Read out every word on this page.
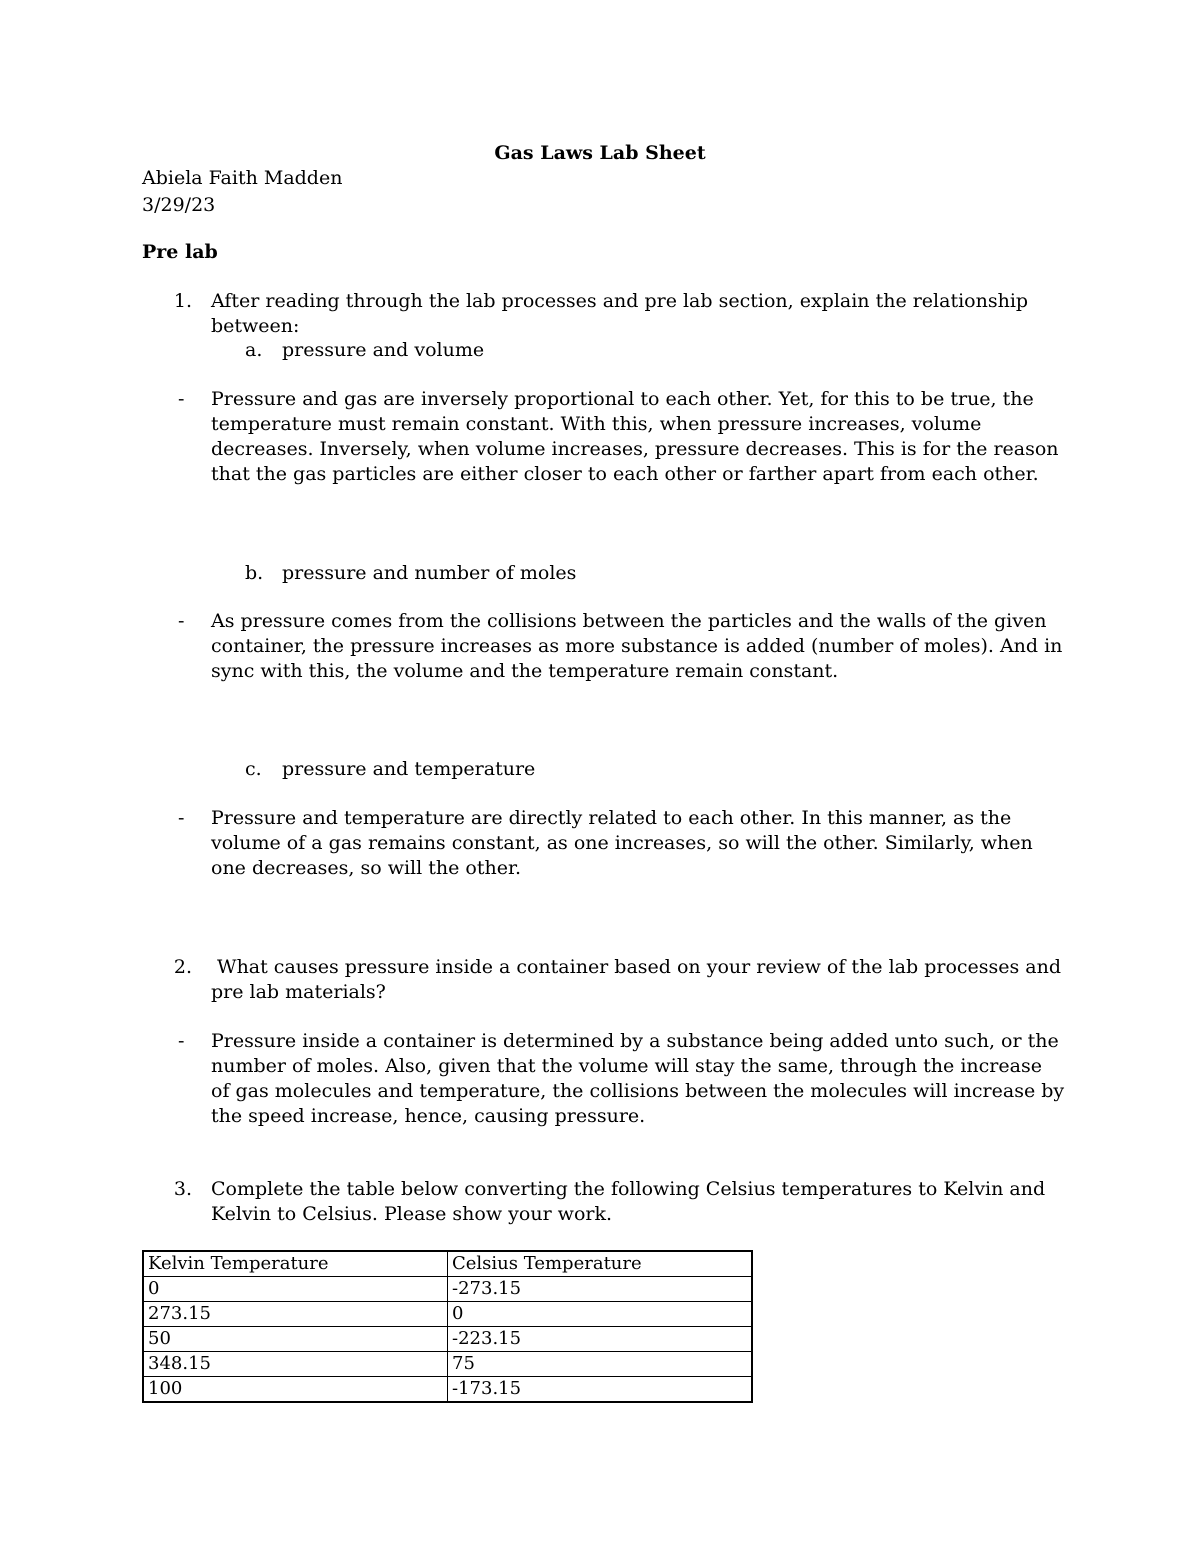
Gas Laws Lab Sheet
Abiela Faith Madden
3/29/23
Pre lab
1. After reading through the lab processes and pre lab section, explain the relationship
between:
a. pressure and volume
- Pressure and gas are inversely proportional to each other. Yet, for this to be true, the
temperature must remain constant. With this, when pressure increases, volume
decreases. Inversely, when volume increases, pressure decreases. This is for the reason
that the gas particles are either closer to each other or farther apart from each other.
b. pressure and number of moles
- As pressure comes from the collisions between the particles and the walls of the given
container, the pressure increases as more substance is added (number of moles). And in
sync with this, the volume and the temperature remain constant.
c. pressure and temperature
- Pressure and temperature are directly related to each other. In this manner, as the
volume of a gas remains constant, as one increases, so will the other. Similarly, when
one decreases, so will the other.
2. What causes pressure inside a container based on your review of the lab processes and
pre lab materials?
- Pressure inside a container is determined by a substance being added unto such, or the
number of moles. Also, given that the volume will stay the same, through the increase
of gas molecules and temperature, the collisions between the molecules will increase by
the speed increase, hence, causing pressure.
3. Complete the table below converting the following Celsius temperatures to Kelvin and
Kelvin to Celsius. Please show your work.
Kelvin Temperature	Celsius Temperature
0	-273.15
273.15	0
50	-223.15
348.15	75
100	-173.15
